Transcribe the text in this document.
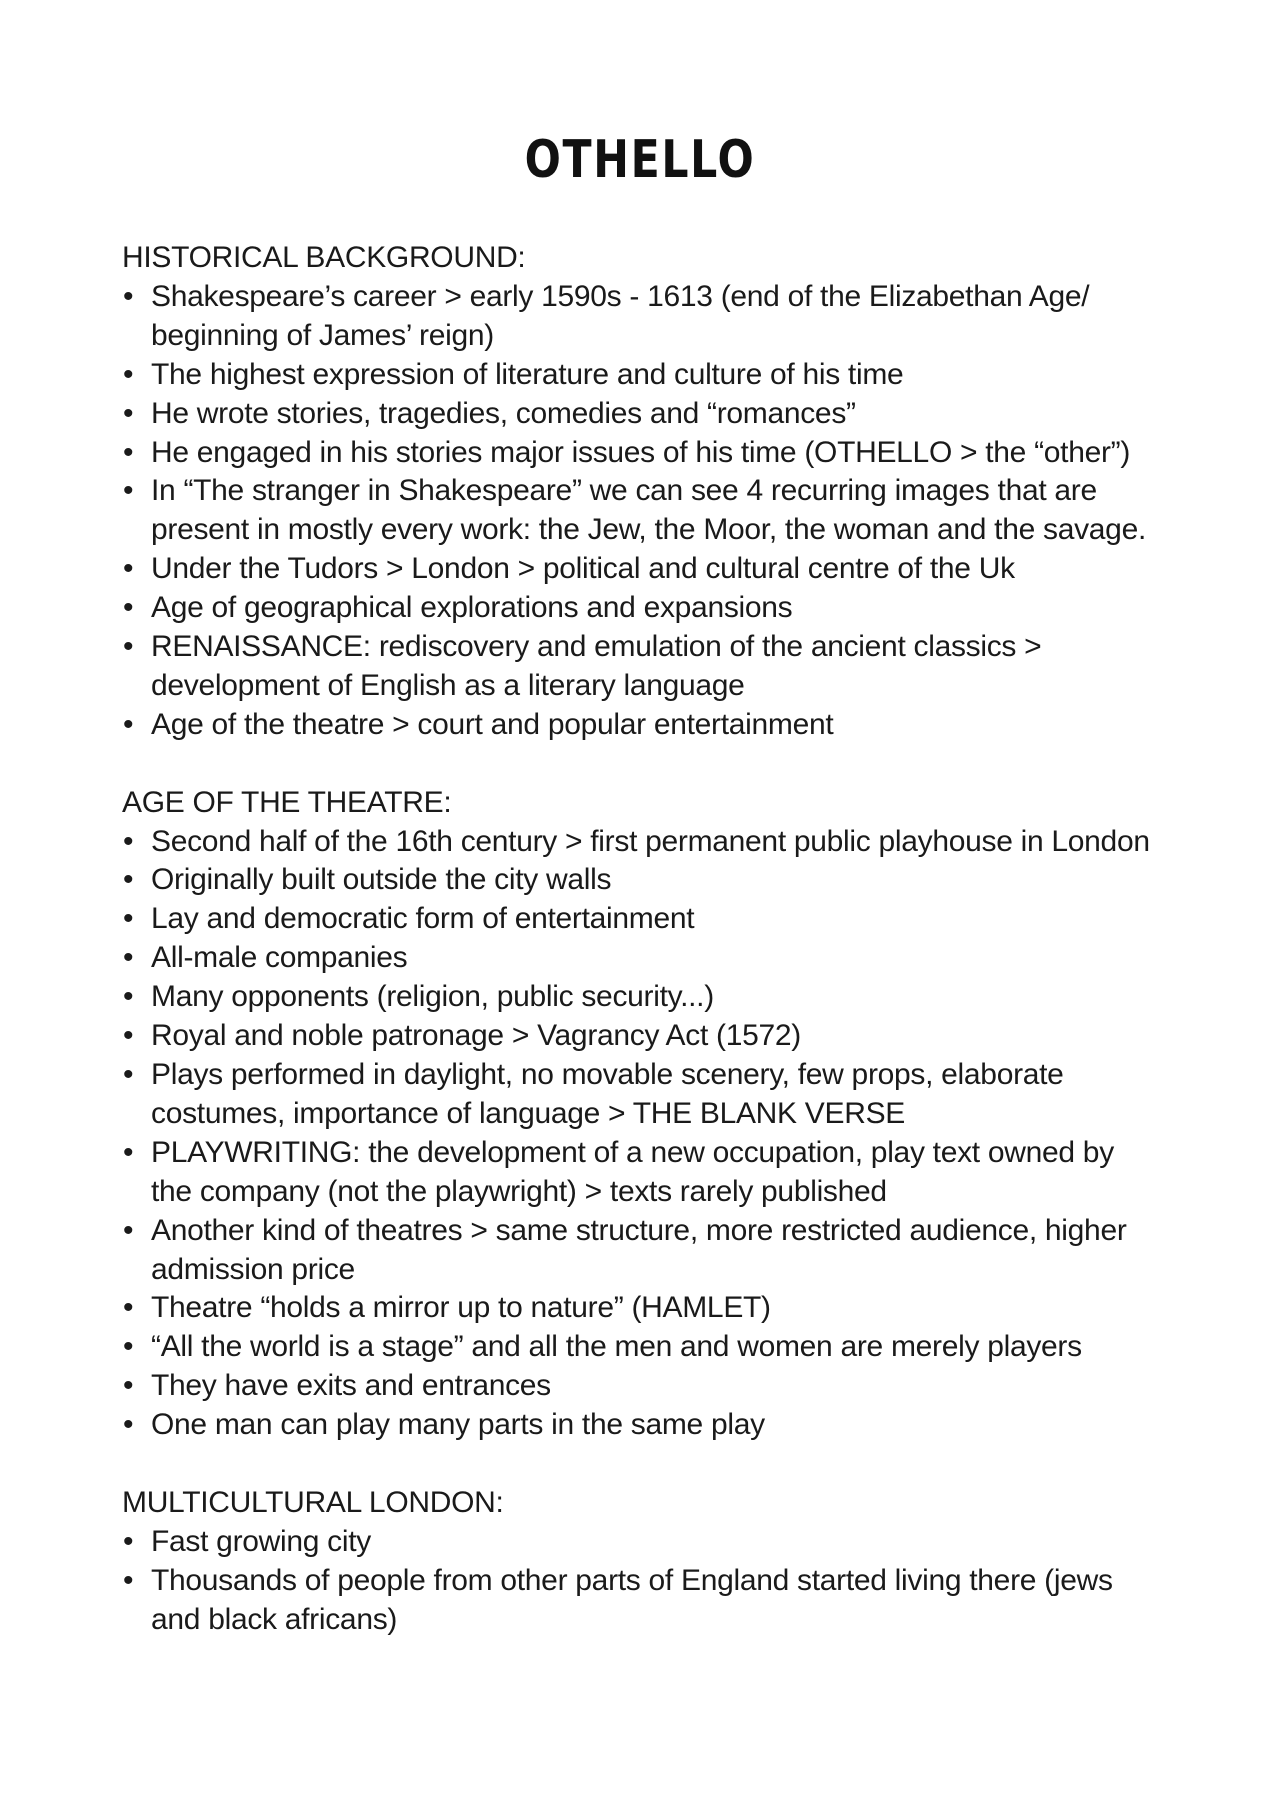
OTHELLO

HISTORICAL BACKGROUND:

• Shakespeare’s career > early 1590s - 1613 (end of the Elizabethan Age/ beginning of James’ reign)
• The highest expression of literature and culture of his time
• He wrote stories, tragedies, comedies and “romances”
• He engaged in his stories major issues of his time (OTHELLO > the “other”)
• In “The stranger in Shakespeare” we can see 4 recurring images that are present in mostly every work: the Jew, the Moor, the woman and the savage.
• Under the Tudors > London > political and cultural centre of the Uk
• Age of geographical explorations and expansions
• RENAISSANCE: rediscovery and emulation of the ancient classics > development of English as a literary language
• Age of the theatre > court and popular entertainment

AGE OF THE THEATRE:

• Second half of the 16th century > first permanent public playhouse in London
• Originally built outside the city walls
• Lay and democratic form of entertainment
• All-male companies
• Many opponents (religion, public security...)
• Royal and noble patronage > Vagrancy Act (1572)
• Plays performed in daylight, no movable scenery, few props, elaborate costumes, importance of language > THE BLANK VERSE
• PLAYWRITING: the development of a new occupation, play text owned by the company (not the playwright) > texts rarely published
• Another kind of theatres > same structure, more restricted audience, higher admission price
• Theatre “holds a mirror up to nature” (HAMLET)
• “All the world is a stage” and all the men and women are merely players
• They have exits and entrances
• One man can play many parts in the same play

MULTICULTURAL LONDON:

• Fast growing city
• Thousands of people from other parts of England started living there (jews and black africans)
